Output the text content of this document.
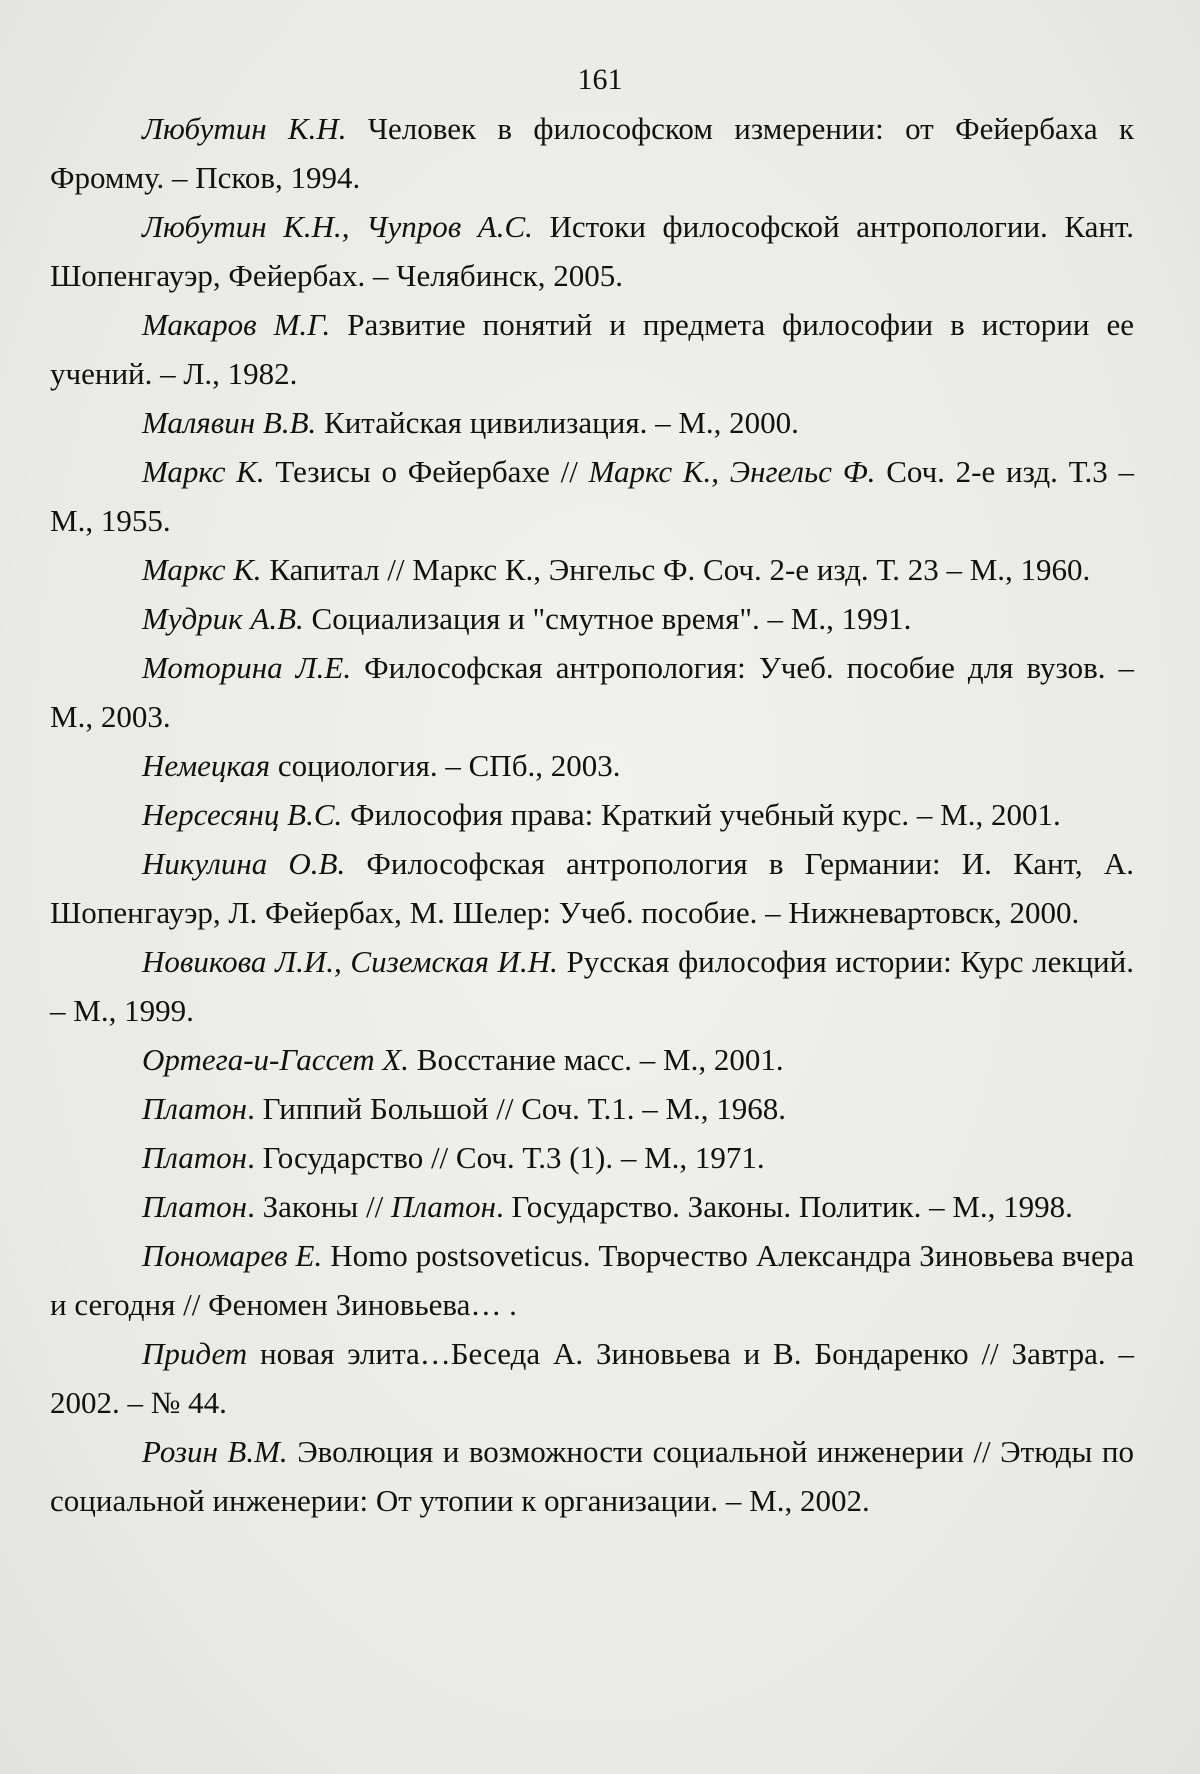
161

Любутин К.Н. Человек в философском измерении: от Фейербаха к Фромму. – Псков, 1994.

Любутин К.Н., Чупров А.С. Истоки философской антропологии. Кант. Шопенгауэр, Фейербах. – Челябинск, 2005.

Макаров М.Г. Развитие понятий и предмета философии в истории ее учений. – Л., 1982.

Малявин В.В. Китайская цивилизация. – М., 2000.

Маркс К. Тезисы о Фейербахе // Маркс К., Энгельс Ф. Соч. 2-е изд. Т.3 – М., 1955.

Маркс К. Капитал // Маркс К., Энгельс Ф. Соч. 2-е изд. Т. 23 – М., 1960.

Мудрик А.В. Социализация и "смутное время". – М., 1991.

Моторина Л.Е. Философская антропология: Учеб. пособие для вузов. – М., 2003.

Немецкая социология. – СПб., 2003.

Нерсесянц В.С. Философия права: Краткий учебный курс. – М., 2001.

Никулина О.В. Философская антропология в Германии: И. Кант, А. Шопенгауэр, Л. Фейербах, М. Шелер: Учеб. пособие. – Нижневартовск, 2000.

Новикова Л.И., Сиземская И.Н. Русская философия истории: Курс лекций. – М., 1999.

Ортега-и-Гассет Х. Восстание масс. – М., 2001.

Платон. Гиппий Большой // Соч. Т.1. – М., 1968.

Платон. Государство // Соч. Т.3 (1). – М., 1971.

Платон. Законы // Платон. Государство. Законы. Политик. – М., 1998.

Пономарев Е. Homo postsoveticus. Творчество Александра Зиновьева вчера и сегодня // Феномен Зиновьева… .

Придет новая элита…Беседа А. Зиновьева и В. Бондаренко // Завтра. – 2002. – № 44.

Розин В.М. Эволюция и возможности социальной инженерии // Этюды по социальной инженерии: От утопии к организации. – М., 2002.
